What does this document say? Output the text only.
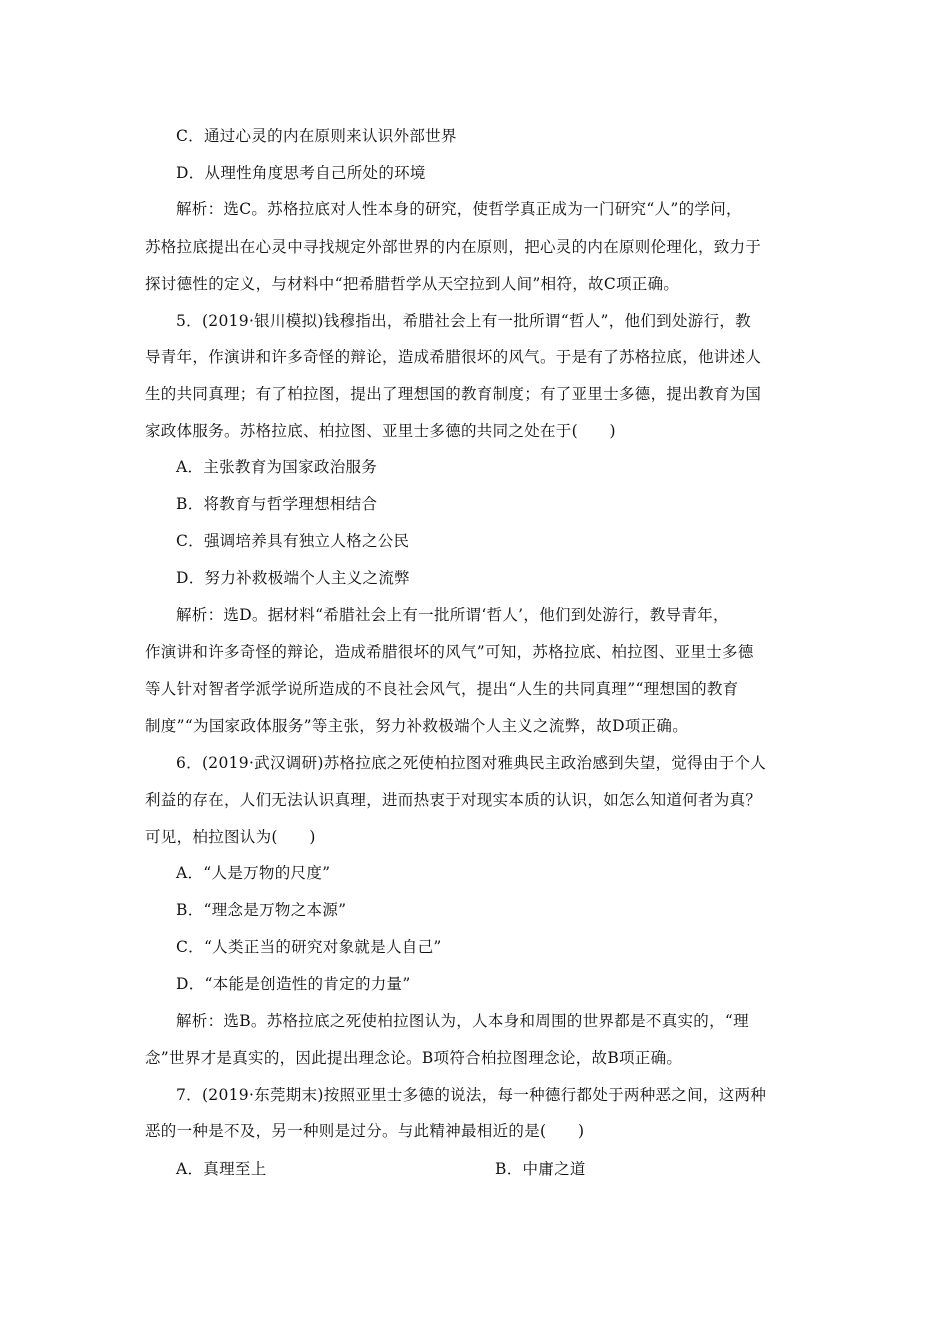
C．通过心灵的内在原则来认识外部世界
D．从理性角度思考自己所处的环境
解析：选C。苏格拉底对人性本身的研究，使哲学真正成为一门研究“人”的学问，
苏格拉底提出在心灵中寻找规定外部世界的内在原则，把心灵的内在原则伦理化，致力于
探讨德性的定义，与材料中“把希腊哲学从天空拉到人间”相符，故C项正确。
5．(2019·银川模拟)钱穆指出，希腊社会上有一批所谓“哲人”，他们到处游行，教
导青年，作演讲和许多奇怪的辩论，造成希腊很坏的风气。于是有了苏格拉底，他讲述人
生的共同真理；有了柏拉图，提出了理想国的教育制度；有了亚里士多德，提出教育为国
家政体服务。苏格拉底、柏拉图、亚里士多德的共同之处在于(　　)
A．主张教育为国家政治服务
B．将教育与哲学理想相结合
C．强调培养具有独立人格之公民
D．努力补救极端个人主义之流弊
解析：选D。据材料“希腊社会上有一批所谓‘哲人’，他们到处游行，教导青年，
作演讲和许多奇怪的辩论，造成希腊很坏的风气”可知，苏格拉底、柏拉图、亚里士多德
等人针对智者学派学说所造成的不良社会风气，提出“人生的共同真理”“理想国的教育
制度”“为国家政体服务”等主张，努力补救极端个人主义之流弊，故D项正确。
6．(2019·武汉调研)苏格拉底之死使柏拉图对雅典民主政治感到失望，觉得由于个人
利益的存在，人们无法认识真理，进而热衷于对现实本质的认识，如怎么知道何者为真？
可见，柏拉图认为(　　)
A．“人是万物的尺度”
B．“理念是万物之本源”
C．“人类正当的研究对象就是人自己”
D．“本能是创造性的肯定的力量”
解析：选B。苏格拉底之死使柏拉图认为，人本身和周围的世界都是不真实的，“理
念”世界才是真实的，因此提出理念论。B项符合柏拉图理念论，故B项正确。
7．(2019·东莞期末)按照亚里士多德的说法，每一种德行都处于两种恶之间，这两种
恶的一种是不及，另一种则是过分。与此精神最相近的是(　　)
A．真理至上	B．中庸之道
